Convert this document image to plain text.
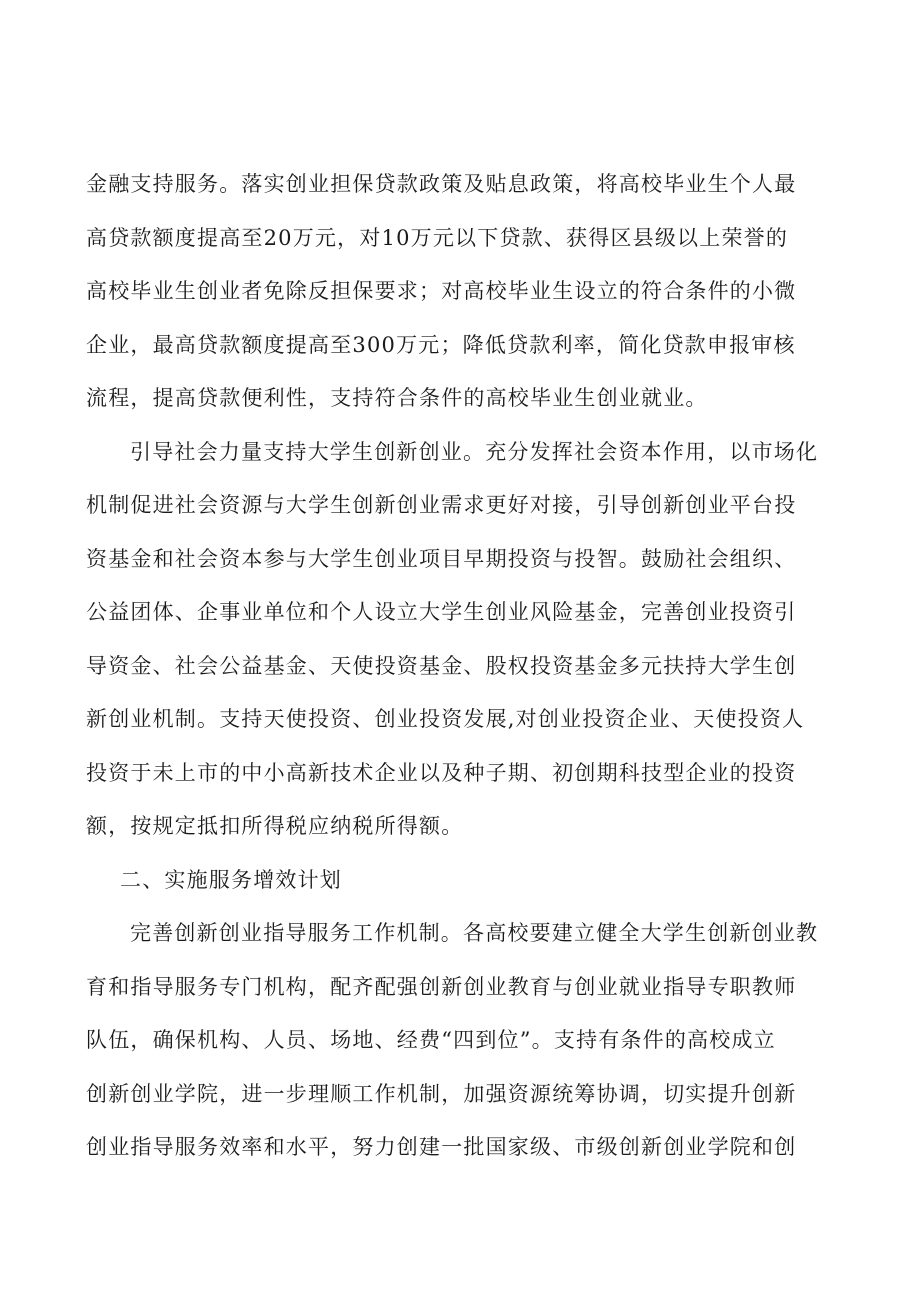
金融支持服务。落实创业担保贷款政策及贴息政策，将高校毕业生个人最
高贷款额度提高至20万元，对10万元以下贷款、获得区县级以上荣誉的
高校毕业生创业者免除反担保要求；对高校毕业生设立的符合条件的小微
企业，最高贷款额度提高至300万元；降低贷款利率，简化贷款申报审核
流程，提高贷款便利性，支持符合条件的高校毕业生创业就业。

引导社会力量支持大学生创新创业。充分发挥社会资本作用，以市场化
机制促进社会资源与大学生创新创业需求更好对接，引导创新创业平台投
资基金和社会资本参与大学生创业项目早期投资与投智。鼓励社会组织、
公益团体、企事业单位和个人设立大学生创业风险基金，完善创业投资引
导资金、社会公益基金、天使投资基金、股权投资基金多元扶持大学生创
新创业机制。支持天使投资、创业投资发展,对创业投资企业、天使投资人
投资于未上市的中小高新技术企业以及种子期、初创期科技型企业的投资
额，按规定抵扣所得税应纳税所得额。

二、实施服务增效计划

完善创新创业指导服务工作机制。各高校要建立健全大学生创新创业教
育和指导服务专门机构，配齐配强创新创业教育与创业就业指导专职教师
队伍，确保机构、人员、场地、经费“四到位”。支持有条件的高校成立
创新创业学院，进一步理顺工作机制，加强资源统筹协调，切实提升创新
创业指导服务效率和水平，努力创建一批国家级、市级创新创业学院和创
